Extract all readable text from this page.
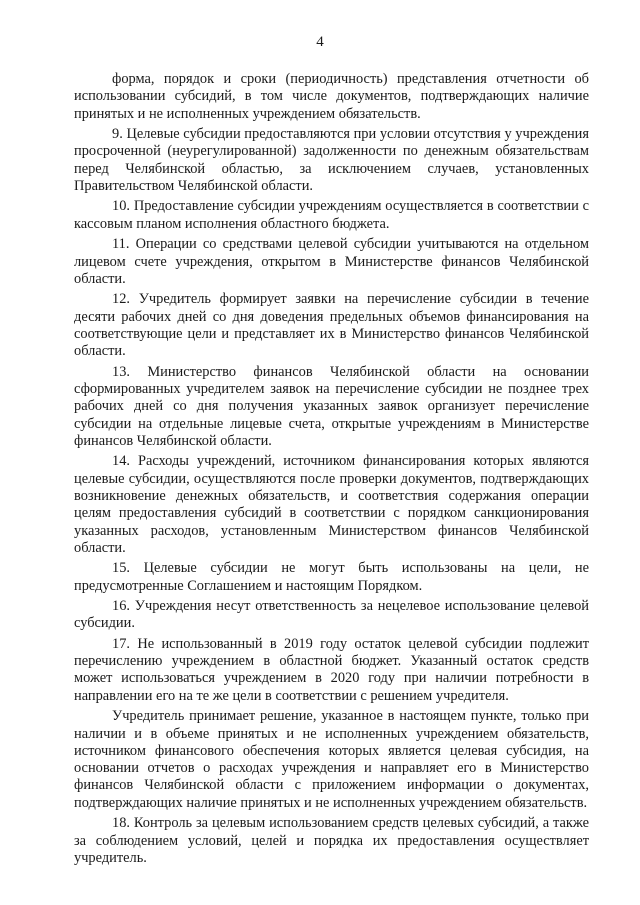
4

форма, порядок и сроки (периодичность) представления отчетности об использовании субсидий, в том числе документов, подтверждающих наличие принятых и не исполненных учреждением обязательств.

9. Целевые субсидии предоставляются при условии отсутствия у учреждения просроченной (неурегулированной) задолженности по денежным обязательствам перед Челябинской областью, за исключением случаев, установленных Правительством Челябинской области.

10. Предоставление субсидии учреждениям осуществляется в соответствии с кассовым планом исполнения областного бюджета.

11. Операции со средствами целевой субсидии учитываются на отдельном лицевом счете учреждения, открытом в Министерстве финансов Челябинской области.

12. Учредитель формирует заявки на перечисление субсидии в течение десяти рабочих дней со дня доведения предельных объемов финансирования на соответствующие цели и представляет их в Министерство финансов Челябинской области.

13. Министерство финансов Челябинской области на основании сформированных учредителем заявок на перечисление субсидии не позднее трех рабочих дней со дня получения указанных заявок организует перечисление субсидии на отдельные лицевые счета, открытые учреждениям в Министерстве финансов Челябинской области.

14. Расходы учреждений, источником финансирования которых являются целевые субсидии, осуществляются после проверки документов, подтверждающих возникновение денежных обязательств, и соответствия содержания операции целям предоставления субсидий в соответствии с порядком санкционирования указанных расходов, установленным Министерством финансов Челябинской области.

15. Целевые субсидии не могут быть использованы на цели, не предусмотренные Соглашением и настоящим Порядком.

16. Учреждения несут ответственность за нецелевое использование целевой субсидии.

17. Не использованный в 2019 году остаток целевой субсидии подлежит перечислению учреждением в областной бюджет. Указанный остаток средств может использоваться учреждением в 2020 году при наличии потребности в направлении его на те же цели в соответствии с решением учредителя.

Учредитель принимает решение, указанное в настоящем пункте, только при наличии и в объеме принятых и не исполненных учреждением обязательств, источником финансового обеспечения которых является целевая субсидия, на основании отчетов о расходах учреждения и направляет его в Министерство финансов Челябинской области с приложением информации о документах, подтверждающих наличие принятых и не исполненных учреждением обязательств.

18. Контроль за целевым использованием средств целевых субсидий, а также за соблюдением условий, целей и порядка их предоставления осуществляет учредитель.
